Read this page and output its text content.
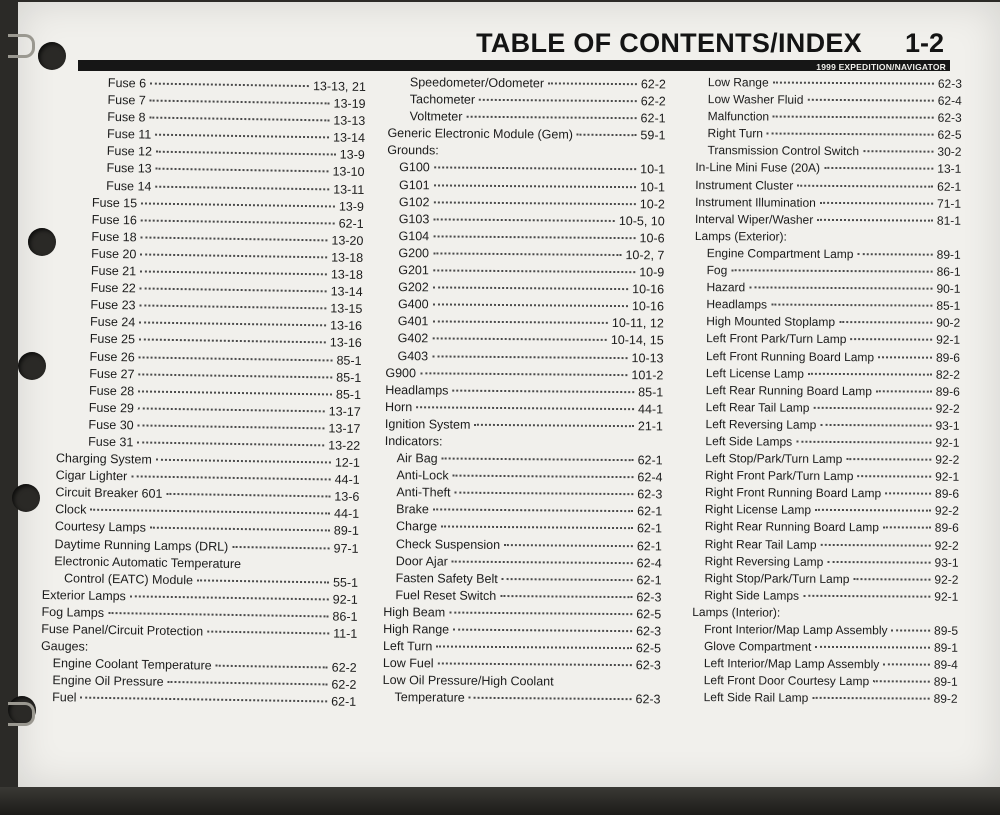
TABLE OF CONTENTS/INDEX 1-2
1999 EXPEDITION/NAVIGATOR
Fuse 6	13-13, 21
Fuse 7	13-19
Fuse 8	13-13
Fuse 11	13-14
Fuse 12	13-9
Fuse 13	13-10
Fuse 14	13-11
Fuse 15	13-9
Fuse 16	62-1
Fuse 18	13-20
Fuse 20	13-18
Fuse 21	13-18
Fuse 22	13-14
Fuse 23	13-15
Fuse 24	13-16
Fuse 25	13-16
Fuse 26	85-1
Fuse 27	85-1
Fuse 28	85-1
Fuse 29	13-17
Fuse 30	13-17
Fuse 31	13-22
Charging System	12-1
Cigar Lighter	44-1
Circuit Breaker 601	13-6
Clock	44-1
Courtesy Lamps	89-1
Daytime Running Lamps (DRL)	97-1
Electronic Automatic Temperature
Control (EATC) Module	55-1
Exterior Lamps	92-1
Fog Lamps	86-1
Fuse Panel/Circuit Protection	11-1
Gauges:
Engine Coolant Temperature	62-2
Engine Oil Pressure	62-2
Fuel	62-1
Speedometer/Odometer	62-2
Tachometer	62-2
Voltmeter	62-1
Generic Electronic Module (Gem)	59-1
Grounds:
G100	10-1
G101	10-1
G102	10-2
G103	10-5, 10
G104	10-6
G200	10-2, 7
G201	10-9
G202	10-16
G400	10-16
G401	10-11, 12
G402	10-14, 15
G403	10-13
G900	101-2
Headlamps	85-1
Horn	44-1
Ignition System	21-1
Indicators:
Air Bag	62-1
Anti-Lock	62-4
Anti-Theft	62-3
Brake	62-1
Charge	62-1
Check Suspension	62-1
Door Ajar	62-4
Fasten Safety Belt	62-1
Fuel Reset Switch	62-3
High Beam	62-5
High Range	62-3
Left Turn	62-5
Low Fuel	62-3
Low Oil Pressure/High Coolant
Temperature	62-3
Low Range	62-3
Low Washer Fluid	62-4
Malfunction	62-3
Right Turn	62-5
Transmission Control Switch	30-2
In-Line Mini Fuse (20A)	13-1
Instrument Cluster	62-1
Instrument Illumination	71-1
Interval Wiper/Washer	81-1
Lamps (Exterior):
Engine Compartment Lamp	89-1
Fog	86-1
Hazard	90-1
Headlamps	85-1
High Mounted Stoplamp	90-2
Left Front Park/Turn Lamp	92-1
Left Front Running Board Lamp	89-6
Left License Lamp	82-2
Left Rear Running Board Lamp	89-6
Left Rear Tail Lamp	92-2
Left Reversing Lamp	93-1
Left Side Lamps	92-1
Left Stop/Park/Turn Lamp	92-2
Right Front Park/Turn Lamp	92-1
Right Front Running Board Lamp	89-6
Right License Lamp	92-2
Right Rear Running Board Lamp	89-6
Right Rear Tail Lamp	92-2
Right Reversing Lamp	93-1
Right Stop/Park/Turn Lamp	92-2
Right Side Lamps	92-1
Lamps (Interior):
Front Interior/Map Lamp Assembly	89-5
Glove Compartment	89-1
Left Interior/Map Lamp Assembly	89-4
Left Front Door Courtesy Lamp	89-1
Left Side Rail Lamp	89-2
